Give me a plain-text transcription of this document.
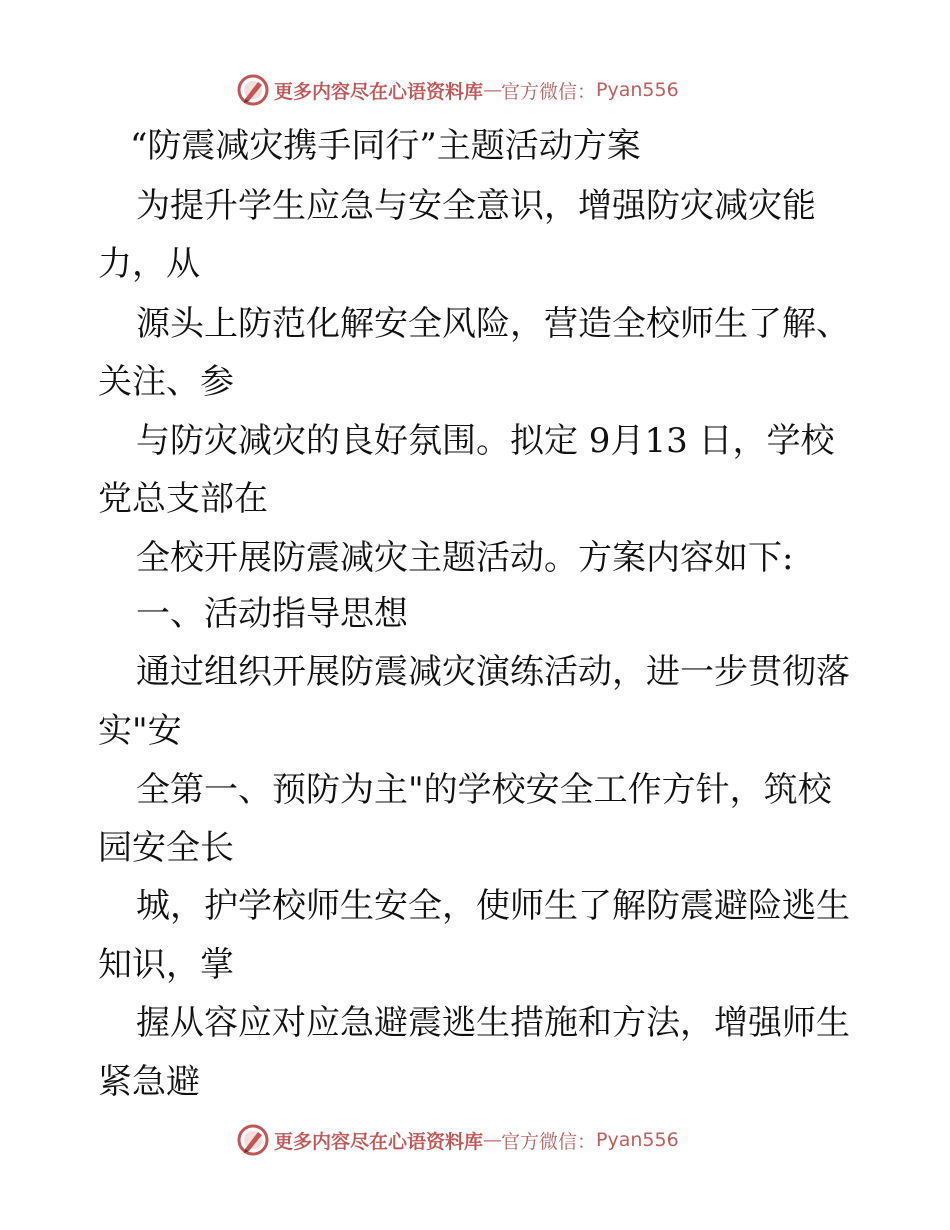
更多内容尽在心语资料库 — 官方微信： Pyan556
“防震减灾携手同行”主题活动方案
为提升学生应急与安全意识，增强防灾减灾能
力，从
源头上防范化解安全风险，营造全校师生了解、
关注、参
与防灾减灾的良好氛围。拟定 9月13 日，学校
党总支部在
全校开展防震减灾主题活动。方案内容如下:
一、活动指导思想
通过组织开展防震减灾演练活动，进一步贯彻落
实"安
全第一、预防为主"的学校安全工作方针，筑校
园安全长
城，护学校师生安全，使师生了解防震避险逃生
知识，掌
握从容应对应急避震逃生措施和方法，增强师生
紧急避
更多内容尽在心语资料库 — 官方微信： Pyan556
